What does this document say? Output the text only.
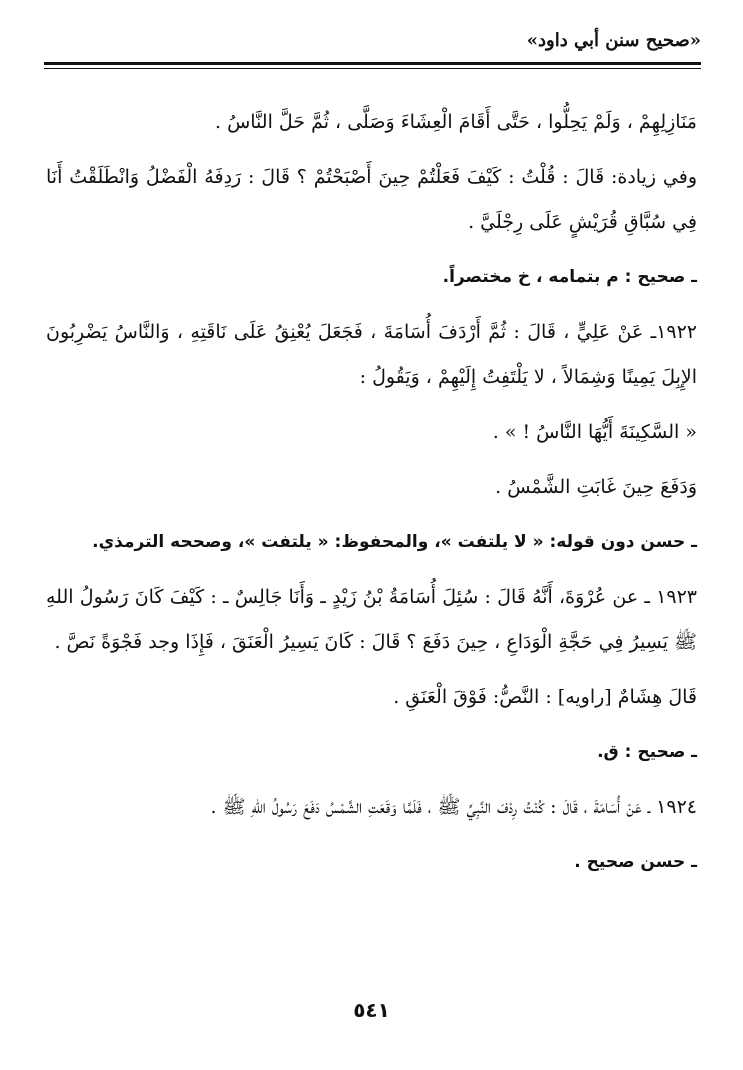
«صحيح سنن أبي داود»

مَنَازِلِهِمْ ، وَلَمْ يَحِلُّوا ، حَتَّى أَقَامَ الْعِشَاءَ وَصَلَّى ، ثُمَّ حَلَّ النَّاسُ .

وفي زيادة: قَالَ : قُلْتُ : كَيْفَ فَعَلْتُمْ حِينَ أَصْبَحْتُمْ ؟ قَالَ : رَدِفَهُ الْفَضْلُ وَانْطَلَقْتُ أَنَا فِي سُبَّاقِ قُرَيْشٍ عَلَى رِجْلَيَّ .

ـ صحيح : م بتمامه ، خ مختصراً.

١٩٢٢ـ عَنْ عَلِيٍّ ، قَالَ : ثُمَّ أَرْدَفَ أُسَامَةَ ، فَجَعَلَ يُعْنِقُ عَلَى نَاقَتِهِ ، وَالنَّاسُ يَضْرِبُونَ الإِبِلَ يَمِينًا وَشِمَالاً ، لا يَلْتَفِتُ إِلَيْهِمْ ، وَيَقُولُ :

« السَّكِينَةَ أَيُّهَا النَّاسُ ! » .

وَدَفَعَ حِينَ غَابَتِ الشَّمْسُ .

ـ حسن دون قوله: « لا يلتفت »، والمحفوظ: « يلتفت »، وصححه الترمذي.

١٩٢٣ ـ عن عُرْوَةَ، أَنَّهُ قَالَ : سُئِلَ أُسَامَةُ بْنُ زَيْدٍ ـ وَأَنَا جَالِسٌ ـ : كَيْفَ كَانَ رَسُولُ اللهِ ﷺ يَسِيرُ فِي حَجَّةِ الْوَدَاعِ ، حِينَ دَفَعَ ؟ قَالَ : كَانَ يَسِيرُ الْعَنَقَ ، فَإِذَا وجد فَجْوَةً نَصَّ .

قَالَ هِشَامٌ [راويه] : النَّصُّ: فَوْقَ الْعَنَقِ .

ـ صحيح : ق.

١٩٢٤ ـ عَنْ أُسَامَةَ ، قَالَ : كُنْتُ رِدْفَ النَّبِيِّ ﷺ ، فَلَمَّا وَقَعَتِ الشَّمْسُ دَفَعَ رَسُولُ اللهِ ﷺ .

ـ حسن صحيح .

٥٤١
